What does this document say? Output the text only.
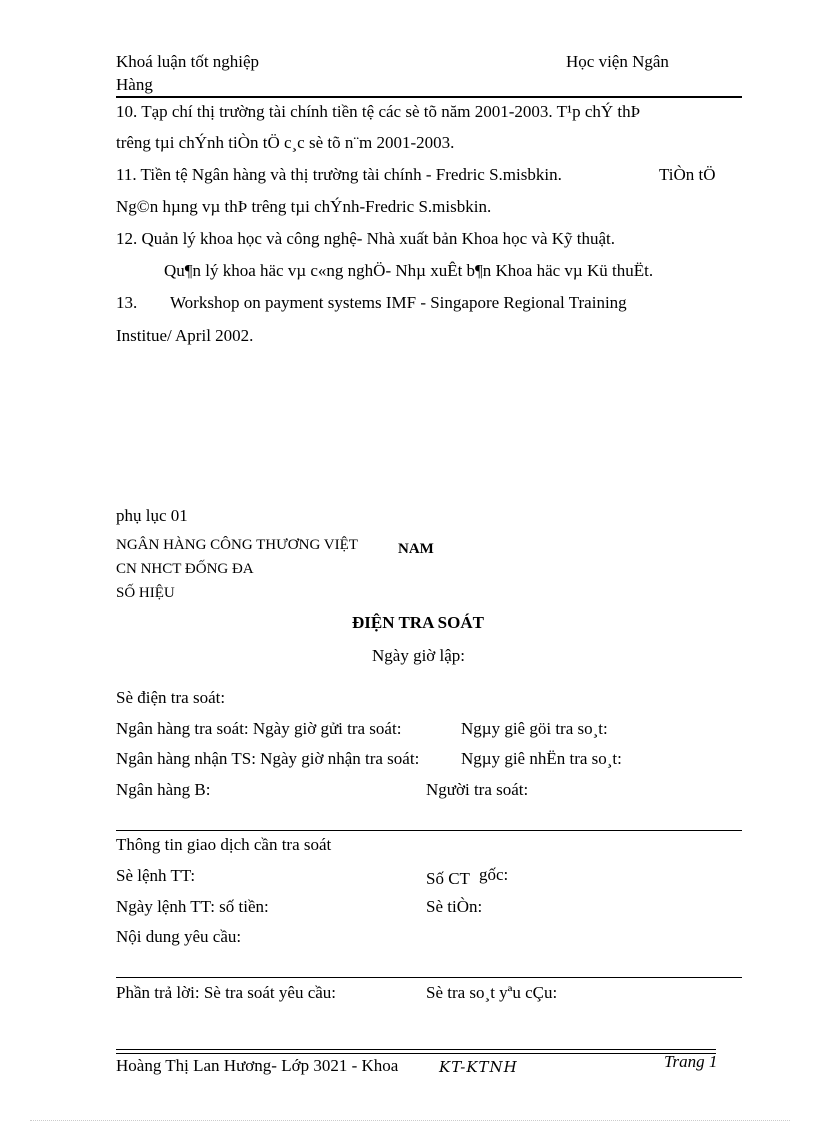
Khoá luận tốt nghiệp	Học viện Ngân
Hàng
10. Tạp chí thị trường tài chính tiền tệ các sè tõ năm 2001-2003. T¹p chÝ thÞ
trêng tµi chÝnh tiÒn tÖ c¸c sè tõ n¨m 2001-2003.
11. Tiền tệ Ngân hàng và thị trường tài chính - Fredric S.misbkin.	TiÒn tÖ
Ng©n hµng vµ thÞ trêng tµi chÝnh-Fredric S.misbkin.
12. Quản lý khoa học và công nghệ- Nhà xuất bản Khoa học và Kỹ thuật.
Qu¶n lý khoa häc vµ c«ng nghÖ- Nhµ xuÊt b¶n Khoa häc vµ Kü thuËt.
13. Workshop on payment systems IMF - Singapore Regional Training
Institue/ April 2002.
phụ lục 01
NGÂN HÀNG CÔNG THƯƠNG VIỆT	NAM
CN NHCT ĐỐNG ĐA
SỐ HIỆU
ĐIỆN TRA SOÁT
Ngày giờ lập:
Sè điện tra soát:
Ngân hàng tra soát: Ngày giờ gửi tra soát:	Ngµy giê göi tra so¸t:
Ngân hàng nhận TS: Ngày giờ nhận tra soát: Ngµy giê nhËn tra so¸t:
Ngân hàng B:	Người tra soát:
Thông tin giao dịch cần tra soát
Sè lệnh TT:	Số CT gốc:
Ngày lệnh TT: số tiền:	Sè tiÒn:
Nội dung yêu cầu:
Phần trả lời: Sè tra soát yêu cầu:	Sè tra so¸t yªu cÇu:
Hoàng Thị Lan Hương- Lớp 3021 - Khoa	KT-KTNH	Trang 1
